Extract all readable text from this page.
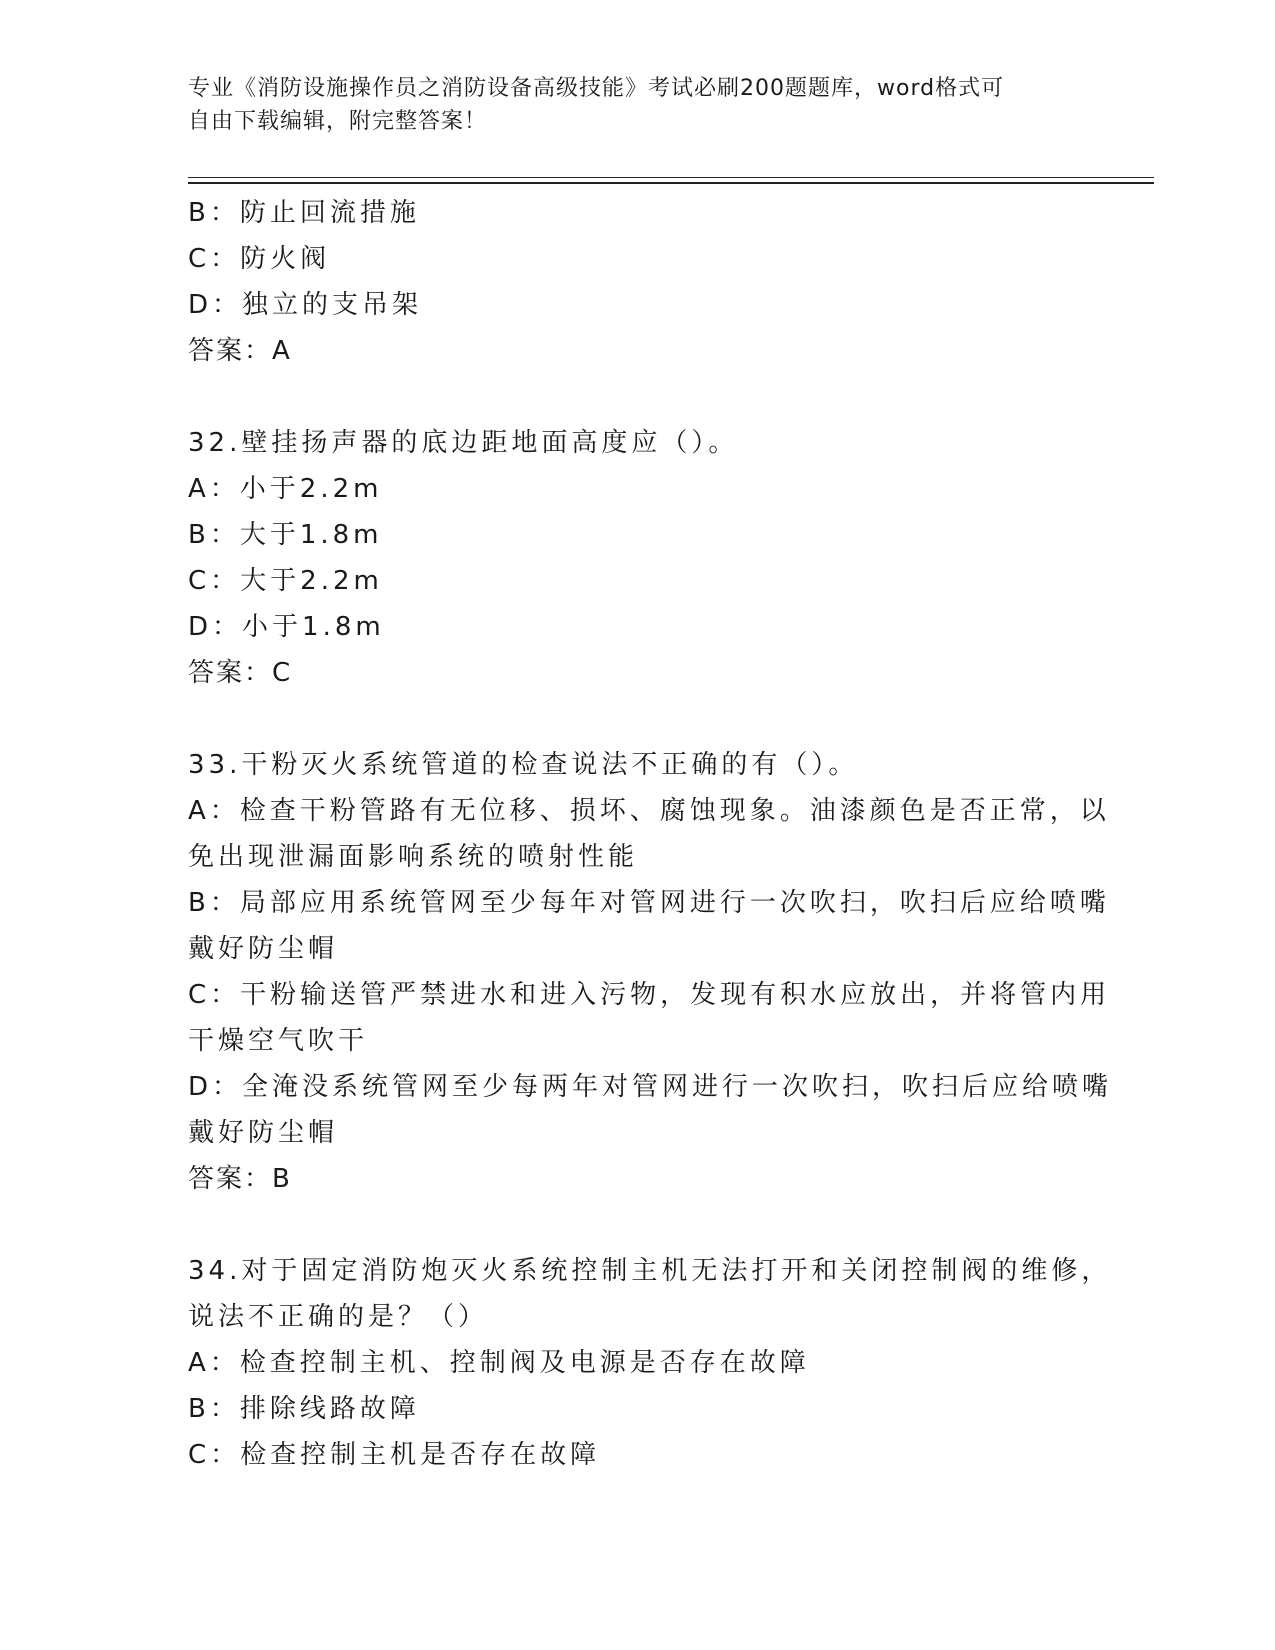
专业《消防设施操作员之消防设备高级技能》考试必刷200题题库，word格式可
自由下载编辑，附完整答案！
B：防止回流措施
C：防火阀
D：独立的支吊架
答案：A
32.壁挂扬声器的底边距地面高度应（）。
A：小于2.2m
B：大于1.8m
C：大于2.2m
D：小于1.8m
答案：C
33.干粉灭火系统管道的检查说法不正确的有（）。
A：检查干粉管路有无位移、损坏、腐蚀现象。油漆颜色是否正常，以
免出现泄漏面影响系统的喷射性能
B：局部应用系统管网至少每年对管网进行一次吹扫，吹扫后应给喷嘴
戴好防尘帽
C：干粉输送管严禁进水和进入污物，发现有积水应放出，并将管内用
干燥空气吹干
D：全淹没系统管网至少每两年对管网进行一次吹扫，吹扫后应给喷嘴
戴好防尘帽
答案：B
34.对于固定消防炮灭火系统控制主机无法打开和关闭控制阀的维修，
说法不正确的是？（）
A：检查控制主机、控制阀及电源是否存在故障
B：排除线路故障
C：检查控制主机是否存在故障
